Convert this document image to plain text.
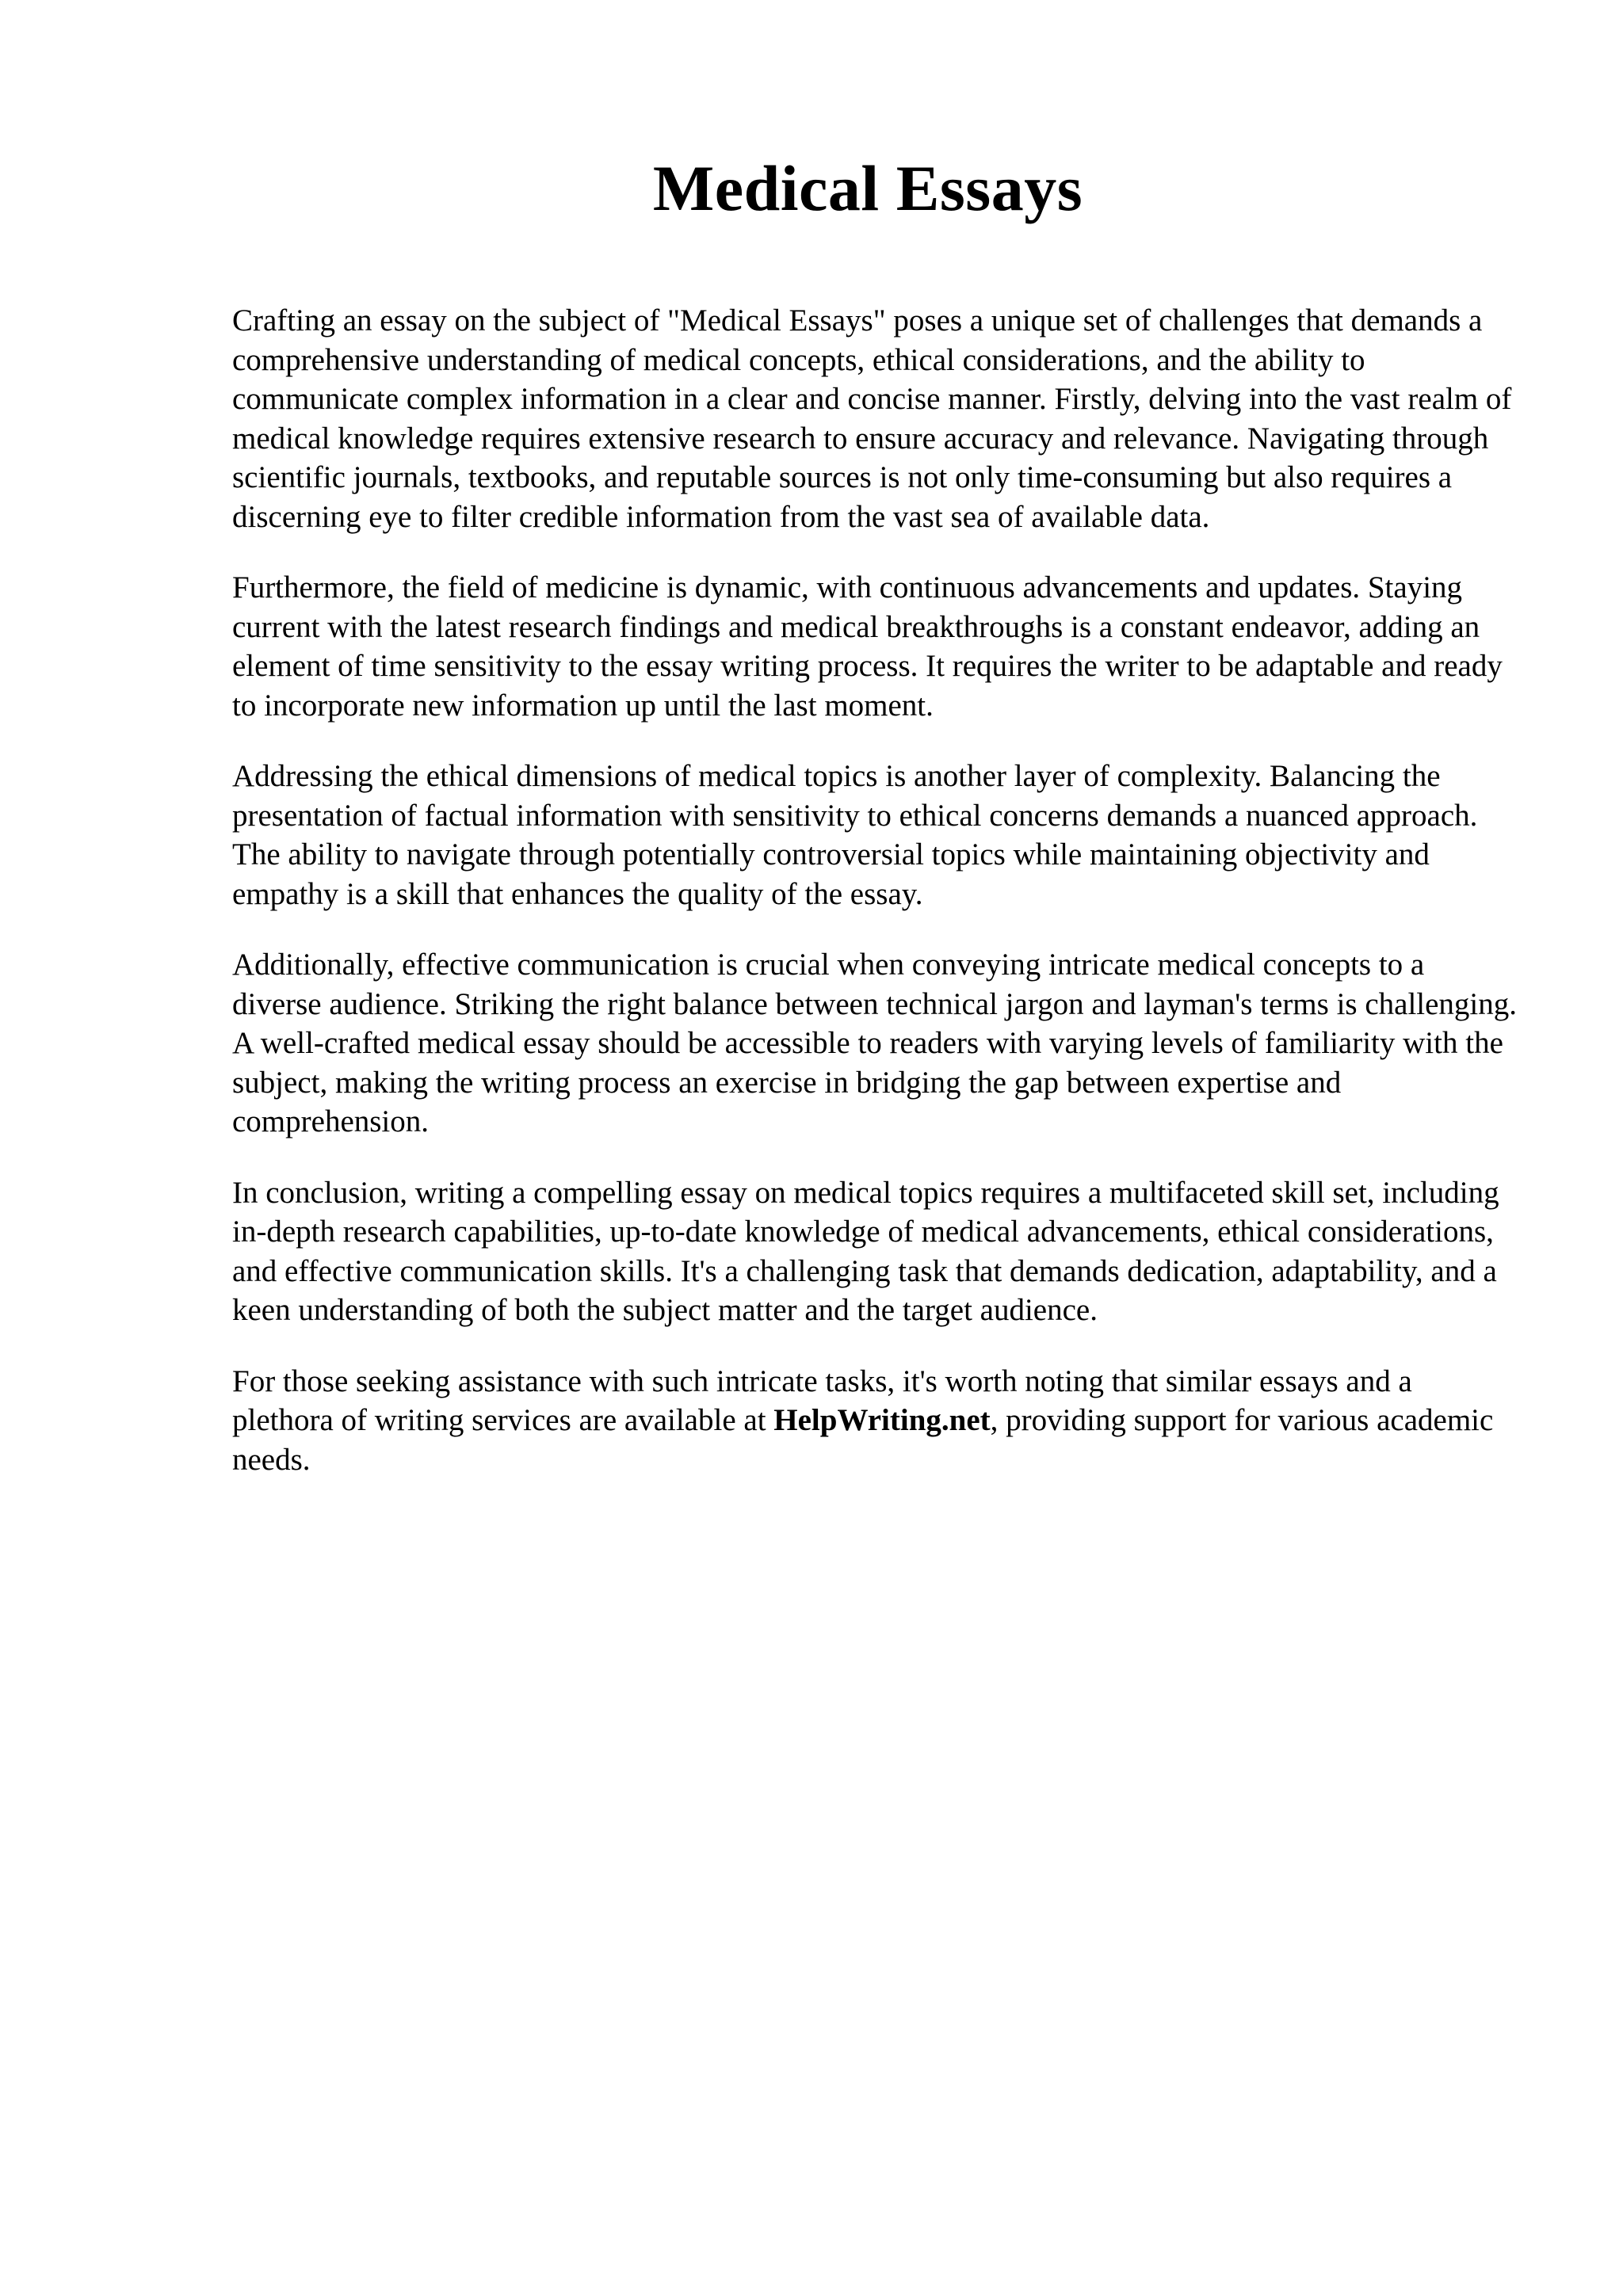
Medical Essays

Crafting an essay on the subject of "Medical Essays" poses a unique set of challenges that demands a comprehensive understanding of medical concepts, ethical considerations, and the ability to communicate complex information in a clear and concise manner. Firstly, delving into the vast realm of medical knowledge requires extensive research to ensure accuracy and relevance. Navigating through scientific journals, textbooks, and reputable sources is not only time-consuming but also requires a discerning eye to filter credible information from the vast sea of available data.

Furthermore, the field of medicine is dynamic, with continuous advancements and updates. Staying current with the latest research findings and medical breakthroughs is a constant endeavor, adding an element of time sensitivity to the essay writing process. It requires the writer to be adaptable and ready to incorporate new information up until the last moment.

Addressing the ethical dimensions of medical topics is another layer of complexity. Balancing the presentation of factual information with sensitivity to ethical concerns demands a nuanced approach. The ability to navigate through potentially controversial topics while maintaining objectivity and empathy is a skill that enhances the quality of the essay.

Additionally, effective communication is crucial when conveying intricate medical concepts to a diverse audience. Striking the right balance between technical jargon and layman's terms is challenging. A well-crafted medical essay should be accessible to readers with varying levels of familiarity with the subject, making the writing process an exercise in bridging the gap between expertise and comprehension.

In conclusion, writing a compelling essay on medical topics requires a multifaceted skill set, including in-depth research capabilities, up-to-date knowledge of medical advancements, ethical considerations, and effective communication skills. It's a challenging task that demands dedication, adaptability, and a keen understanding of both the subject matter and the target audience.

For those seeking assistance with such intricate tasks, it's worth noting that similar essays and a plethora of writing services are available at HelpWriting.net, providing support for various academic needs.
